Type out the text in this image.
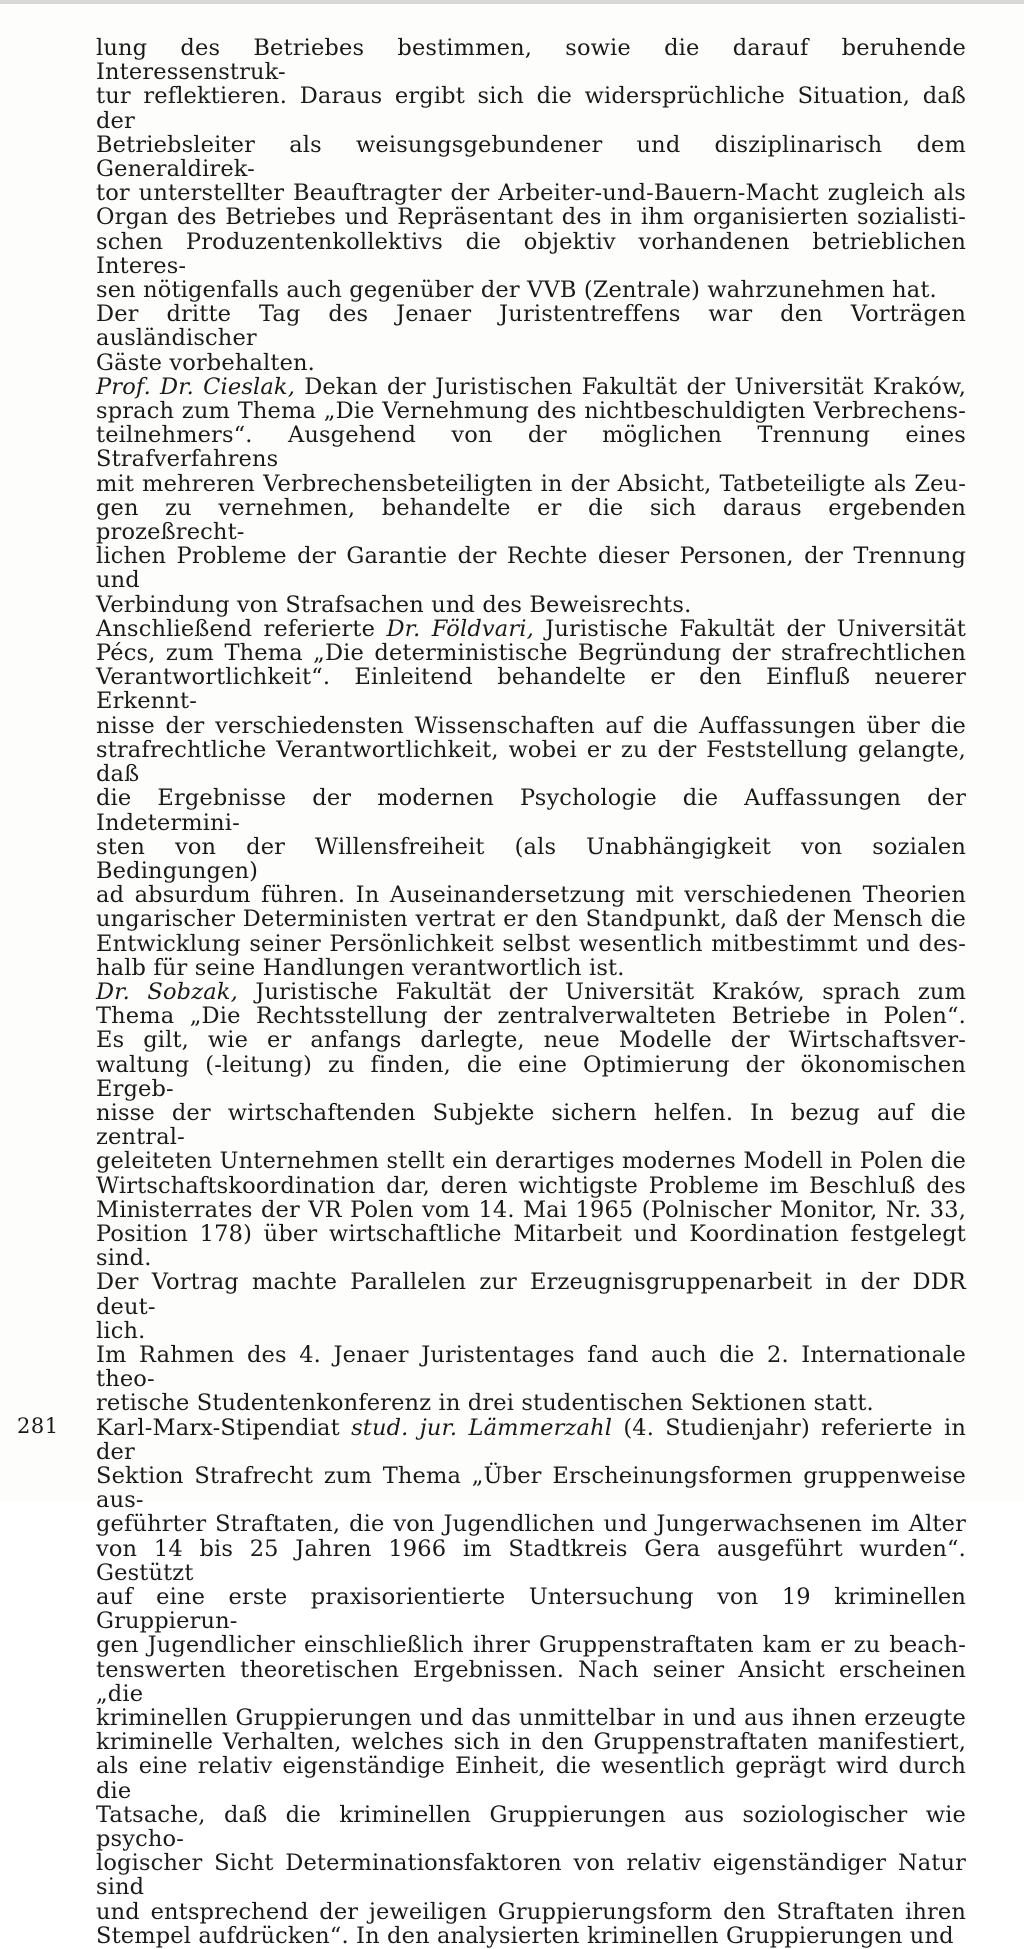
lung des Betriebes bestimmen, sowie die darauf beruhende Interessenstruk-
tur reflektieren. Daraus ergibt sich die widersprüchliche Situation, daß der
Betriebsleiter als weisungsgebundener und disziplinarisch dem Generaldirek-
tor unterstellter Beauftragter der Arbeiter-und-Bauern-Macht zugleich als
Organ des Betriebes und Repräsentant des in ihm organisierten sozialisti-
schen Produzentenkollektivs die objektiv vorhandenen betrieblichen Interes-
sen nötigenfalls auch gegenüber der VVB (Zentrale) wahrzunehmen hat.
Der dritte Tag des Jenaer Juristentreffens war den Vorträgen ausländischer
Gäste vorbehalten.
Prof. Dr. Cieslak, Dekan der Juristischen Fakultät der Universität Kraków,
sprach zum Thema „Die Vernehmung des nichtbeschuldigten Verbrechens-
teilnehmers“. Ausgehend von der möglichen Trennung eines Strafverfahrens
mit mehreren Verbrechensbeteiligten in der Absicht, Tatbeteiligte als Zeu-
gen zu vernehmen, behandelte er die sich daraus ergebenden prozeßrecht-
lichen Probleme der Garantie der Rechte dieser Personen, der Trennung und
Verbindung von Strafsachen und des Beweisrechts.
Anschließend referierte Dr. Földvari, Juristische Fakultät der Universität
Pécs, zum Thema „Die deterministische Begründung der strafrechtlichen
Verantwortlichkeit“. Einleitend behandelte er den Einfluß neuerer Erkennt-
nisse der verschiedensten Wissenschaften auf die Auffassungen über die
strafrechtliche Verantwortlichkeit, wobei er zu der Feststellung gelangte, daß
die Ergebnisse der modernen Psychologie die Auffassungen der Indetermini-
sten von der Willensfreiheit (als Unabhängigkeit von sozialen Bedingungen)
ad absurdum führen. In Auseinandersetzung mit verschiedenen Theorien
ungarischer Deterministen vertrat er den Standpunkt, daß der Mensch die
Entwicklung seiner Persönlichkeit selbst wesentlich mitbestimmt und des-
halb für seine Handlungen verantwortlich ist.
Dr. Sobzak, Juristische Fakultät der Universität Kraków, sprach zum
Thema „Die Rechtsstellung der zentralverwalteten Betriebe in Polen“.
Es gilt, wie er anfangs darlegte, neue Modelle der Wirtschaftsver-
waltung (-leitung) zu finden, die eine Optimierung der ökonomischen Ergeb-
nisse der wirtschaftenden Subjekte sichern helfen. In bezug auf die zentral-
geleiteten Unternehmen stellt ein derartiges modernes Modell in Polen die
Wirtschaftskoordination dar, deren wichtigste Probleme im Beschluß des
Ministerrates der VR Polen vom 14. Mai 1965 (Polnischer Monitor, Nr. 33,
Position 178) über wirtschaftliche Mitarbeit und Koordination festgelegt sind.
Der Vortrag machte Parallelen zur Erzeugnisgruppenarbeit in der DDR deut-
lich.
Im Rahmen des 4. Jenaer Juristentages fand auch die 2. Internationale theo-
retische Studentenkonferenz in drei studentischen Sektionen statt.
Karl-Marx-Stipendiat stud. jur. Lämmerzahl (4. Studienjahr) referierte in der
Sektion Strafrecht zum Thema „Über Erscheinungsformen gruppenweise aus-
geführter Straftaten, die von Jugendlichen und Jungerwachsenen im Alter
von 14 bis 25 Jahren 1966 im Stadtkreis Gera ausgeführt wurden“. Gestützt
auf eine erste praxisorientierte Untersuchung von 19 kriminellen Gruppierun-
gen Jugendlicher einschließlich ihrer Gruppenstraftaten kam er zu beach-
tenswerten theoretischen Ergebnissen. Nach seiner Ansicht erscheinen „die
kriminellen Gruppierungen und das unmittelbar in und aus ihnen erzeugte
kriminelle Verhalten, welches sich in den Gruppenstraftaten manifestiert,
als eine relativ eigenständige Einheit, die wesentlich geprägt wird durch die
Tatsache, daß die kriminellen Gruppierungen aus soziologischer wie psycho-
logischer Sicht Determinationsfaktoren von relativ eigenständiger Natur sind
und entsprechend der jeweiligen Gruppierungsform den Straftaten ihren
Stempel aufdrücken“. In den analysierten kriminellen Gruppierungen und
281
